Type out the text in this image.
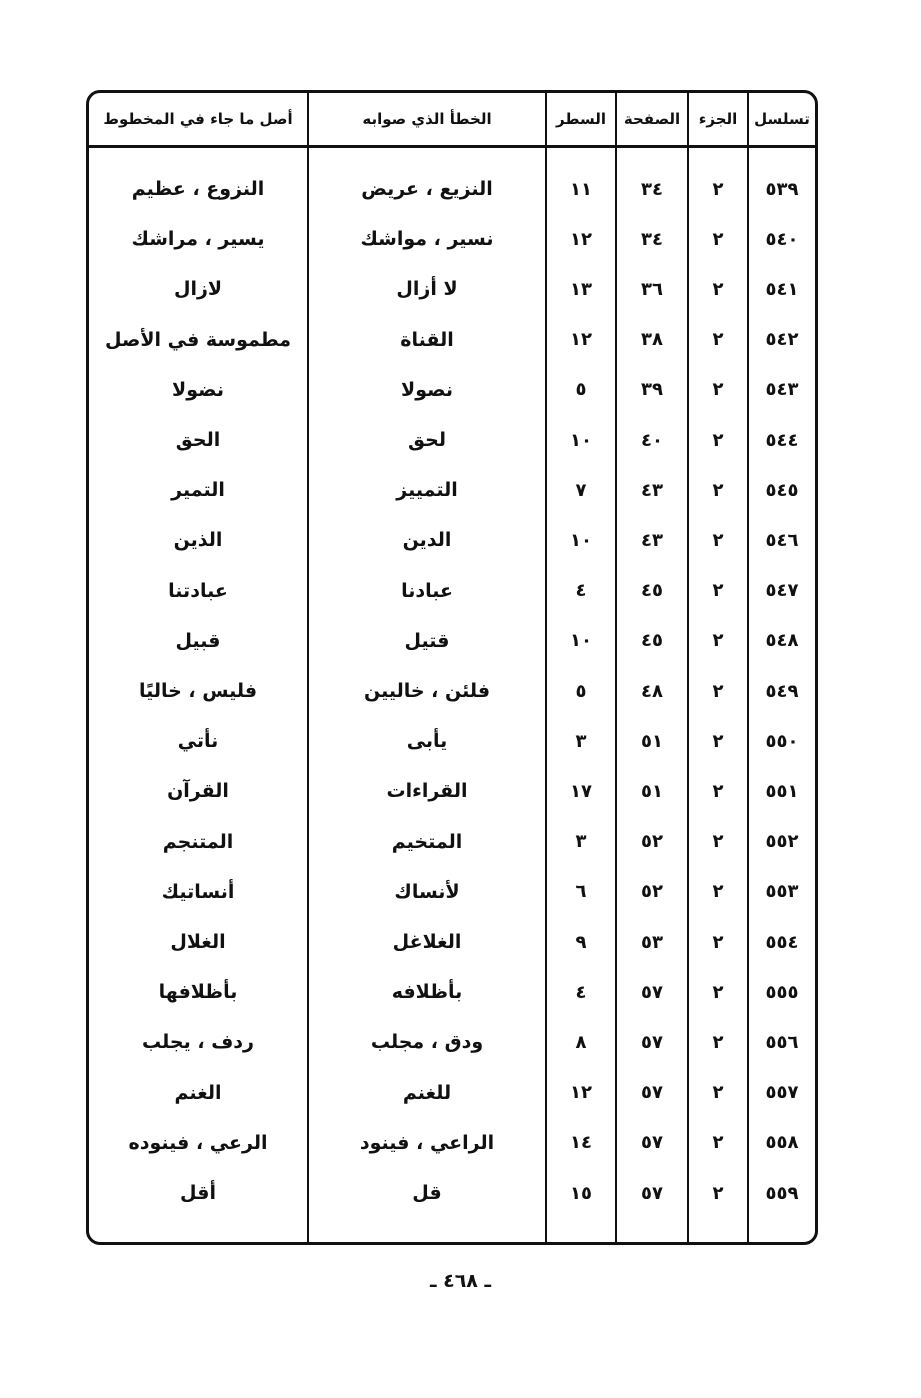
أصل ما جاء في المخطوط	الخطأ الذي صوابه	السطر	الصفحة	الجزء	تسلسل
النزوع ، عظيم	النزيع ، عريض	١١	٣٤	٢	٥٣٩
يسير ، مراشك	نسير ، مواشك	١٢	٣٤	٢	٥٤٠
لازال	لا أزال	١٣	٣٦	٢	٥٤١
مطموسة في الأصل	القناة	١٢	٣٨	٢	٥٤٢
نضولا	نصولا	٥	٣٩	٢	٥٤٣
الحق	لحق	١٠	٤٠	٢	٥٤٤
التمير	التمييز	٧	٤٣	٢	٥٤٥
الذين	الدين	١٠	٤٣	٢	٥٤٦
عبادتنا	عبادنا	٤	٤٥	٢	٥٤٧
قبيل	قتيل	١٠	٤٥	٢	٥٤٨
فليس ، خاليًا	فلئن ، خاليين	٥	٤٨	٢	٥٤٩
نأتي	يأبى	٣	٥١	٢	٥٥٠
القرآن	القراءات	١٧	٥١	٢	٥٥١
المتنجم	المتخيم	٣	٥٢	٢	٥٥٢
أنساتيك	لأنساك	٦	٥٢	٢	٥٥٣
الغلال	الغلاغل	٩	٥٣	٢	٥٥٤
بأظلافها	بأظلافه	٤	٥٧	٢	٥٥٥
ردف ، يجلب	ودق ، مجلب	٨	٥٧	٢	٥٥٦
الغنم	للغنم	١٢	٥٧	٢	٥٥٧
الرعي ، فينوده	الراعي ، فينود	١٤	٥٧	٢	٥٥٨
أقل	قل	١٥	٥٧	٢	٥٥٩
ـ ٤٦٨ ـ
